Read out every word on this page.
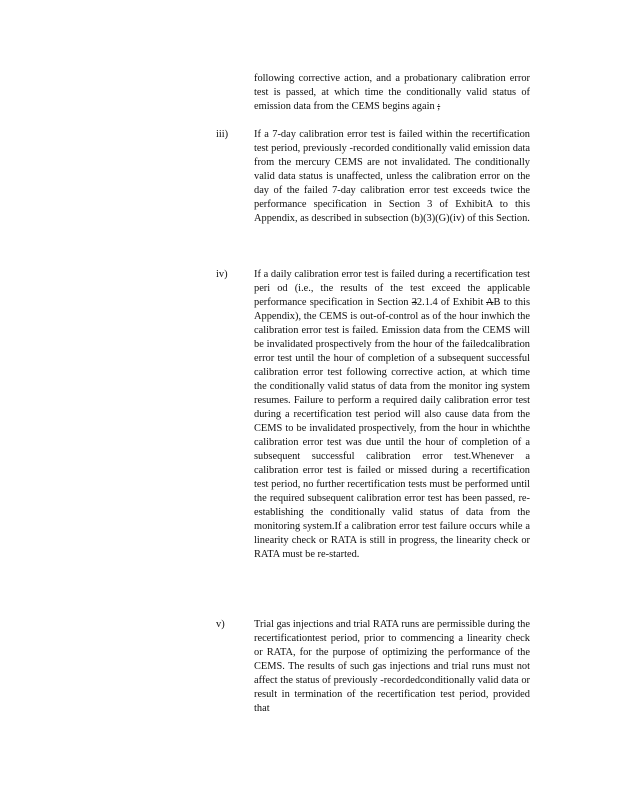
following corrective action, and a probationary calibration error test is passed, at which time the conditionally valid status of emission data from the CEMS begins again ;
iii)	If a 7-day calibration error test is failed within the recertification test period, previously -recorded conditionally valid emission data from the mercury CEMS are not invalidated. The conditionally valid data status is unaffected, unless the calibration error on the day of the failed 7-day calibration error test exceeds twice the performance specification in Section 3 of ExhibitA to this Appendix, as described in subsection (b)(3)(G)(iv) of this Section.
iv)	If a daily calibration error test is failed during a recertification test peri od (i.e., the results of the test exceed the applicable performance specification in Section 32.1.4 of Exhibit AB to this Appendix), the CEMS is out-of-control as of the hour inwhich the calibration error test is failed. Emission data from the CEMS will be invalidated prospectively from the hour of the failedcalibration error test until the hour of completion of a subsequent successful calibration error test following corrective action, at which time the conditionally valid status of data from the monitor ing system resumes. Failure to perform a required daily calibration error test during a recertification test period will also cause data from the CEMS to be invalidated prospectively, from the hour in whichthe calibration error test was due until the hour of completion of a subsequent successful calibration error test.Whenever a calibration error test is failed or missed during a recertification test period, no further recertification tests must be performed until the required subsequent calibration error test has been passed, re-establishing the conditionally valid status of data from the monitoring system.If a calibration error test failure occurs while a linearity check or RATA is still in progress, the linearity check or RATA must be re-started.
v)	Trial gas injections and trial RATA runs are permissible during the recertificationtest period, prior to commencing a linearity check or RATA, for the purpose of optimizing the performance of the CEMS. The results of such gas injections and trial runs must not affect the status of previously -recordedconditionally valid data or result in termination of the recertification test period, provided that
